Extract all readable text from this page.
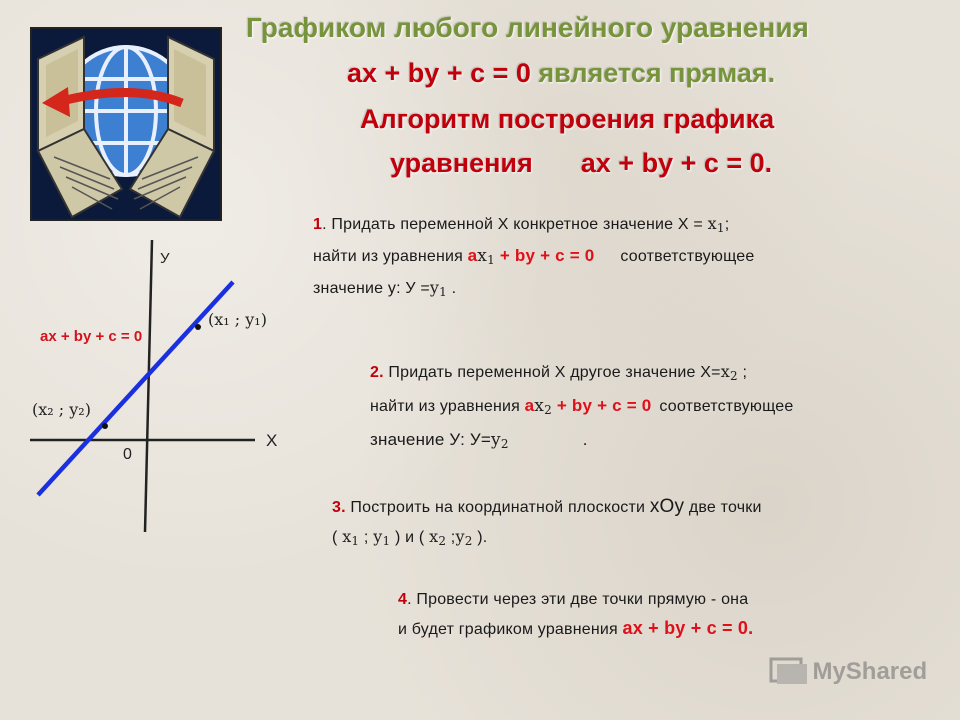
Графиком любого линейного уравнения
ax + by + c = 0 является прямая.
Алгоритм построения графика
уравнения ax + by + c = 0.
У
Х
0
ax + by + c = 0
(x₁ ; y₁)
(x₂ ; y₂)
1. Придать переменной Х конкретное значение $Х = x_1$;
найти из уравнения $ax_1$ + by + c = 0 соответствующее
значение у: $У =y_1$ .
2. Придать переменной Х другое значение $Х=x_2$ ;
найти из уравнения $ax_2$ + by + c = 0 соответствующее
значение У: $У=y_2$	.
3. Построить на координатной плоскости xOy две точки
( $x_1$ ; $y_1$ ) и ( $x_2$ $;y_2$ ).
4. Провести через эти две точки прямую - она
и будет графиком уравнения ax + by + c = 0.
MyShared
